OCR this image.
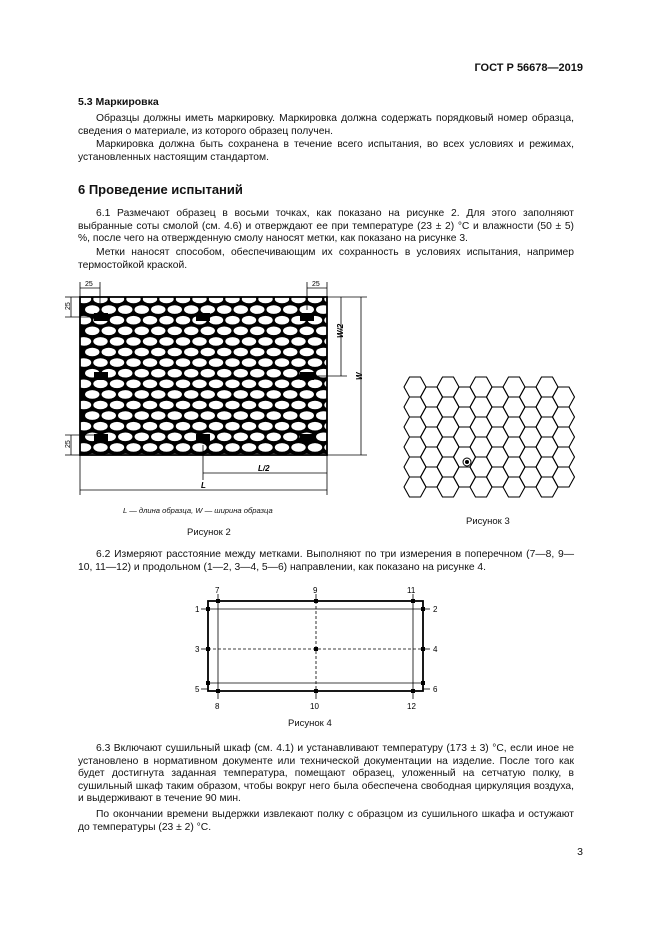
ГОСТ Р 56678—2019
5.3 Маркировка
Образцы должны иметь маркировку. Маркировка должна содержать порядковый номер образца, сведения о материале, из которого образец получен.
Маркировка должна быть сохранена в течение всего испытания, во всех условиях и режимах, установленных настоящим стандартом.
6 Проведение испытаний
6.1 Размечают образец в восьми точках, как показано на рисунке 2. Для этого заполняют выбранные соты смолой (см. 4.6) и отверждают ее при температуре (23 ± 2) °C и влажности (50 ± 5) %, после чего на отвержденную смолу наносят метки, как показано на рисунке 3.
Метки наносят способом, обеспечивающим их сохранность в условиях испытания, например термостойкой краской.
25	25
25
25
W/2
W
L/2
L
L — длина образца, W — ширина образца
Рисунок 2
Рисунок 3
6.2 Измеряют расстояние между метками. Выполняют по три измерения в поперечном (7—8, 9—10, 11—12) и продольном (1—2, 3—4, 5—6) направлении, как показано на рисунке 4.
1	2
3	4
5	6
7
8
9
10
11
12
Рисунок 4
6.3 Включают сушильный шкаф (см. 4.1) и устанавливают температуру (173 ± 3) °C, если иное не установлено в нормативном документе или технической документации на изделие. После того как будет достигнута заданная температура, помещают образец, уложенный на сетчатую полку, в сушильный шкаф таким образом, чтобы вокруг него была обеспечена свободная циркуляция воздуха, и выдерживают в течение 90 мин.
По окончании времени выдержки извлекают полку с образцом из сушильного шкафа и остужают до температуры (23 ± 2) °C.
3
